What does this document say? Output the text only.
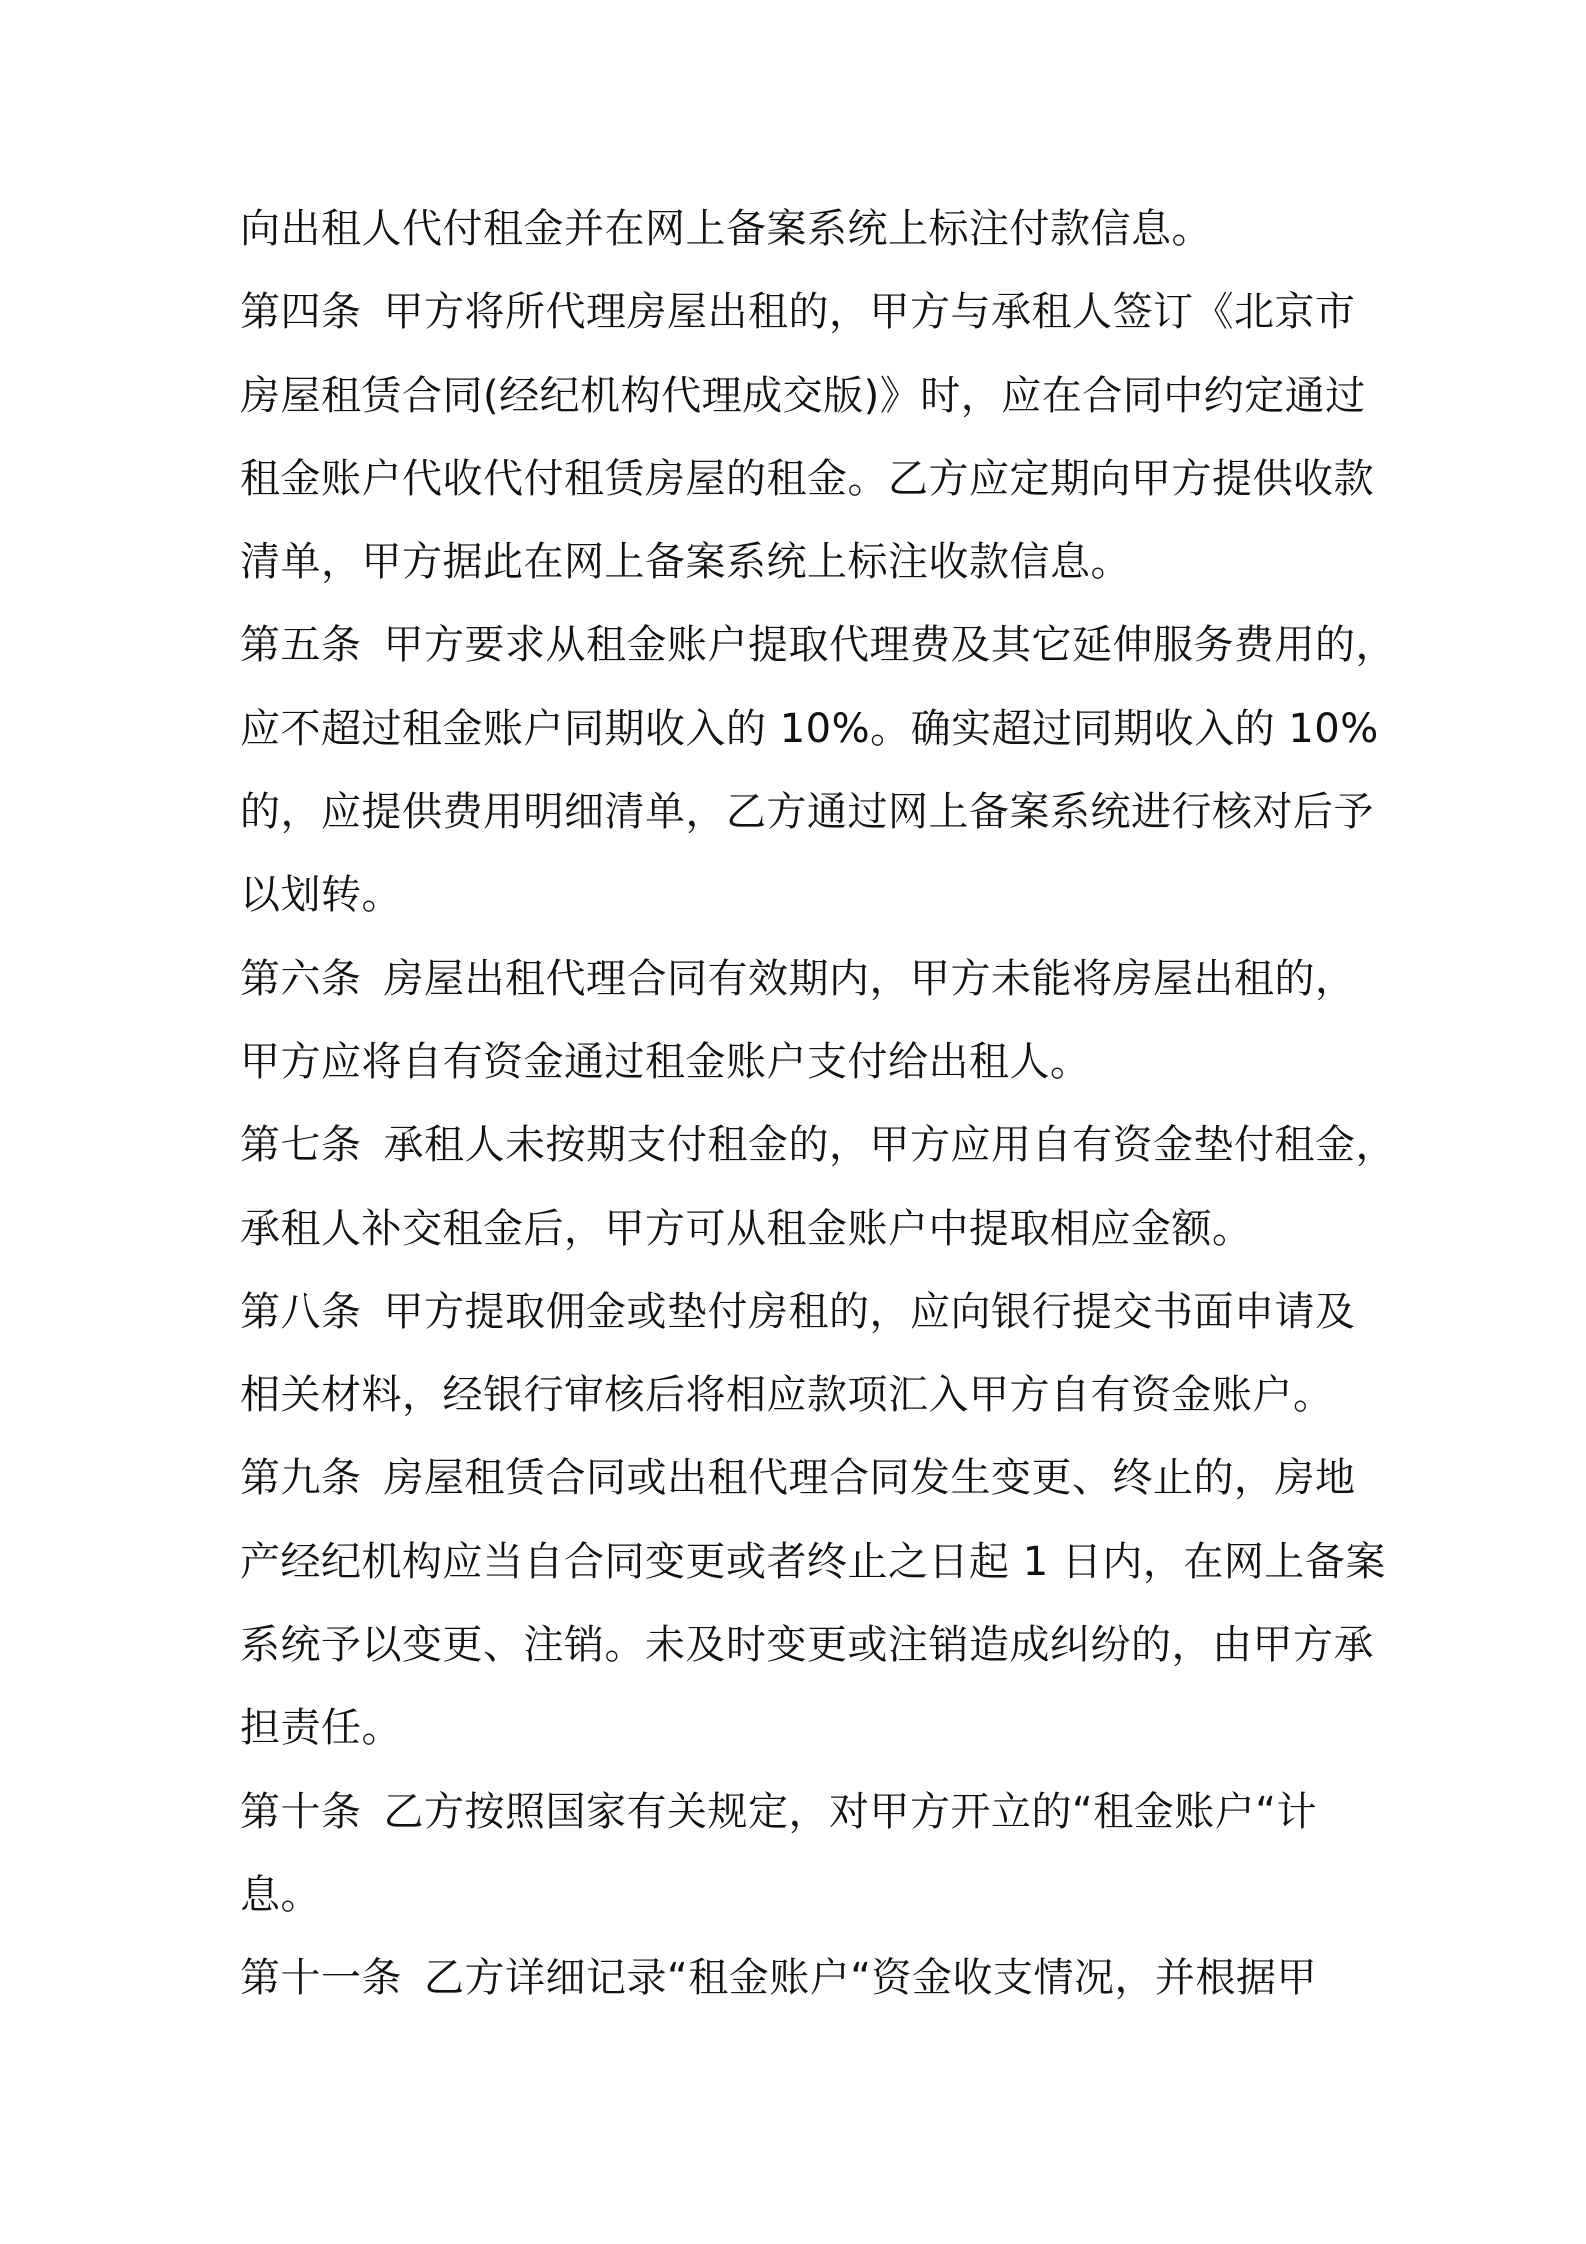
向出租人代付租金并在网上备案系统上标注付款信息。
第四条 甲方将所代理房屋出租的，甲方与承租人签订《北京市
房屋租赁合同(经纪机构代理成交版)》时，应在合同中约定通过
租金账户代收代付租赁房屋的租金。乙方应定期向甲方提供收款
清单，甲方据此在网上备案系统上标注收款信息。
第五条 甲方要求从租金账户提取代理费及其它延伸服务费用的，
应不超过租金账户同期收入的 10%。确实超过同期收入的 10%
的，应提供费用明细清单，乙方通过网上备案系统进行核对后予
以划转。
第六条 房屋出租代理合同有效期内，甲方未能将房屋出租的，
甲方应将自有资金通过租金账户支付给出租人。
第七条 承租人未按期支付租金的，甲方应用自有资金垫付租金，
承租人补交租金后，甲方可从租金账户中提取相应金额。
第八条 甲方提取佣金或垫付房租的，应向银行提交书面申请及
相关材料，经银行审核后将相应款项汇入甲方自有资金账户。
第九条 房屋租赁合同或出租代理合同发生变更、终止的，房地
产经纪机构应当自合同变更或者终止之日起 1 日内，在网上备案
系统予以变更、注销。未及时变更或注销造成纠纷的，由甲方承
担责任。
第十条 乙方按照国家有关规定，对甲方开立的“租金账户“计
息。
第十一条 乙方详细记录“租金账户“资金收支情况，并根据甲
